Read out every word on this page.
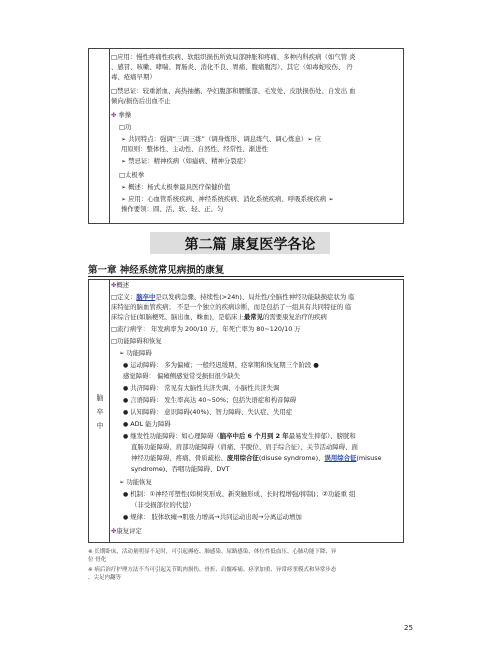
□应用：慢性疼痛性疾病、软组织损伤所致局部肿胀和疼痛、多种内科疾病（如气管 炎
、感冒、咳嗽、哮喘、胃肠炎、消化不良、胃痛、腹痛腹泻）、其它（如毒蛇咬伤、 丹
毒、疮痛早期）
□禁忌证：较重淤血、高热抽搐、孕妇腹部和腰骶部、毛发处、皮肤损伤处、自发出 血
倾向/损伤后出血不止
✤ 拳操
□功
➢ 共同特点：强调“三调三练”（调身炼形、调息练气、调心炼意）➢ 应
用原则：整体性、主动性、自然性、经常性、渐进性
➢ 禁忌证：精神疾病（如癔病、精神分裂症）
□太极拳
➢ 概述：杨式太极拳最具医疗保健价值
➢ 应用：心血管系统疾病、神经系统疾病、消化系统疾病、呼吸系统疾病 ➢
操作要领：圆、活、软、轻、正、匀
第二篇 康复医学各论
第一章 神经系统常见病损的康复
脑
卒
中
✤概述
□定义：脑卒中是以发病急骤、持续性(>24h)、局灶性/全脑性神经功能缺损症状为 临
床特征的脑血管疾病； 不是一个独立的疾病诊断，而是包括了一组具有共同特征的 临
床综合征(如脑梗死、脑出血、蛛血)，是临床上最常见的需要康复治疗的疾病
□流行病学： 年发病率为 200/10 万，年死亡率为 80~120/10 万
□功能障碍和恢复
➢ 功能障碍
● 运动障碍： 多为偏瘫；一般经迟缓期、痉挛期和恢复期三个阶段 ●
感觉障碍： 偏瘫侧感觉常受损但很少缺失
● 共济障碍： 常见有大脑性共济失调、小脑性共济失调
● 言语障碍： 发生率高达 40~50%；包括失语症和构音障碍
● 认知障碍： 意识障碍(40%)、智力障碍、失认症、失用症
● ADL 能力障碍
● 继发性功能障碍：如心理障碍（脑卒中后 6 个月到 2 年最易发生抑郁）、膀胱和
直肠功能障碍、肩部功能障碍（肩痛、半脱位、肩手综合征）、关节活动障碍、面
神经功能障碍、疼痛、骨质疏松、废用综合征(disuse syndrome)、误用综合征(misuse
syndrome)、吞咽功能障碍、DVT
➢ 功能恢复
● 机制：①神经可塑性(如树突形成、新突触形成、长时程增强/抑制)；②功能重 组
（非受损部位的代偿）
● 规律： 肢体软瘫→肌张力增高→共同运动出现→分离运动增加
✤康复评定
※ 长期卧床，活动量明显不足时，可引起褥疮、肺感染、尿路感染、体位性低血压、心肺功能下降、异
位 骨化
※ 病后治疗护理方法不当可引起关节肌肉损伤、骨折、肩髋疼痛、痉挛加重、异常痉挛模式和异常步态
、尖足内翻等
25
